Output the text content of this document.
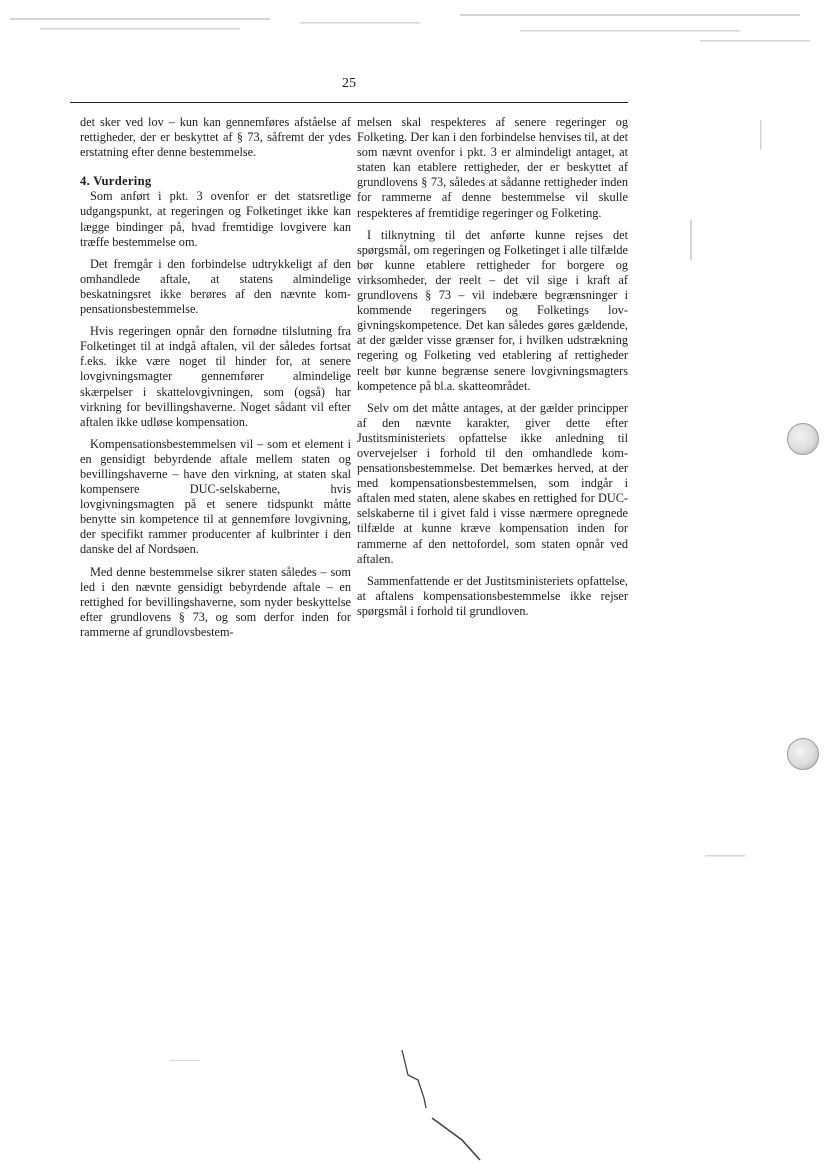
25

det sker ved lov – kun kan gennemføres afståelse af rettigheder, der er beskyttet af § 73, såfremt der ydes erstatning efter denne bestemmelse.

4. Vurdering

Som anført i pkt. 3 ovenfor er det statsretlige udgangspunkt, at regeringen og Folketinget ikke kan lægge bindinger på, hvad fremtidige lovgivere kan træffe bestemmelse om.

Det fremgår i den forbindelse udtrykkeligt af den omhandlede aftale, at statens almindelige beskatningsret ikke berøres af den nævnte kompensationsbestemmelse.

Hvis regeringen opnår den fornødne tilslutning fra Folketinget til at indgå aftalen, vil der således fortsat f.eks. ikke være noget til hinder for, at senere lovgivningsmagter gennemfører almindelige skærpelser i skattelovgivningen, som (også) har virkning for bevillingshaverne. Noget sådant vil efter aftalen ikke udløse kompensation.

Kompensationsbestemmelsen vil – som et element i en gensidigt bebyrdende aftale mellem staten og bevillingshaverne – have den virkning, at staten skal kompensere DUC-selskaberne, hvis lovgivningsmagten på et senere tidspunkt måtte benytte sin kompetence til at gennemføre lovgivning, der specifikt rammer producenter af kulbrinter i den danske del af Nordsøen.

Med denne bestemmelse sikrer staten således – som led i den nævnte gensidigt bebyrdende aftale – en rettighed for bevillingshaverne, som nyder beskyttelse efter grundlovens § 73, og som derfor inden for rammerne af grundlovsbestem-

melsen skal respekteres af senere regeringer og Folketing. Der kan i den forbindelse henvises til, at det som nævnt ovenfor i pkt. 3 er almindeligt antaget, at staten kan etablere rettigheder, der er beskyttet af grundlovens § 73, således at sådanne rettigheder inden for rammerne af denne bestemmelse vil skulle respekteres af fremtidige regeringer og Folketing.

I tilknytning til det anførte kunne rejses det spørgsmål, om regeringen og Folketinget i alle tilfælde bør kunne etablere rettigheder for borgere og virksomheder, der reelt – det vil sige i kraft af grundlovens § 73 – vil indebære begrænsninger i kommende regeringers og Folketings lovgivningskompetence. Det kan således gøres gældende, at der gælder visse grænser for, i hvilken udstrækning regering og Folketing ved etablering af rettigheder reelt bør kunne begrænse senere lovgivningsmagters kompetence på bl.a. skatteområdet.

Selv om det måtte antages, at der gælder principper af den nævnte karakter, giver dette efter Justitsministeriets opfattelse ikke anledning til overvejelser i forhold til den omhandlede kompensationsbestemmelse. Det bemærkes herved, at der med kompensationsbestemmelsen, som indgår i aftalen med staten, alene skabes en rettighed for DUC-selskaberne til i givet fald i visse nærmere opregnede tilfælde at kunne kræve kompensation inden for rammerne af den nettofordel, som staten opnår ved aftalen.

Sammenfattende er det Justitsministeriets opfattelse, at aftalens kompensationsbestemmelse ikke rejser spørgsmål i forhold til grundloven.
